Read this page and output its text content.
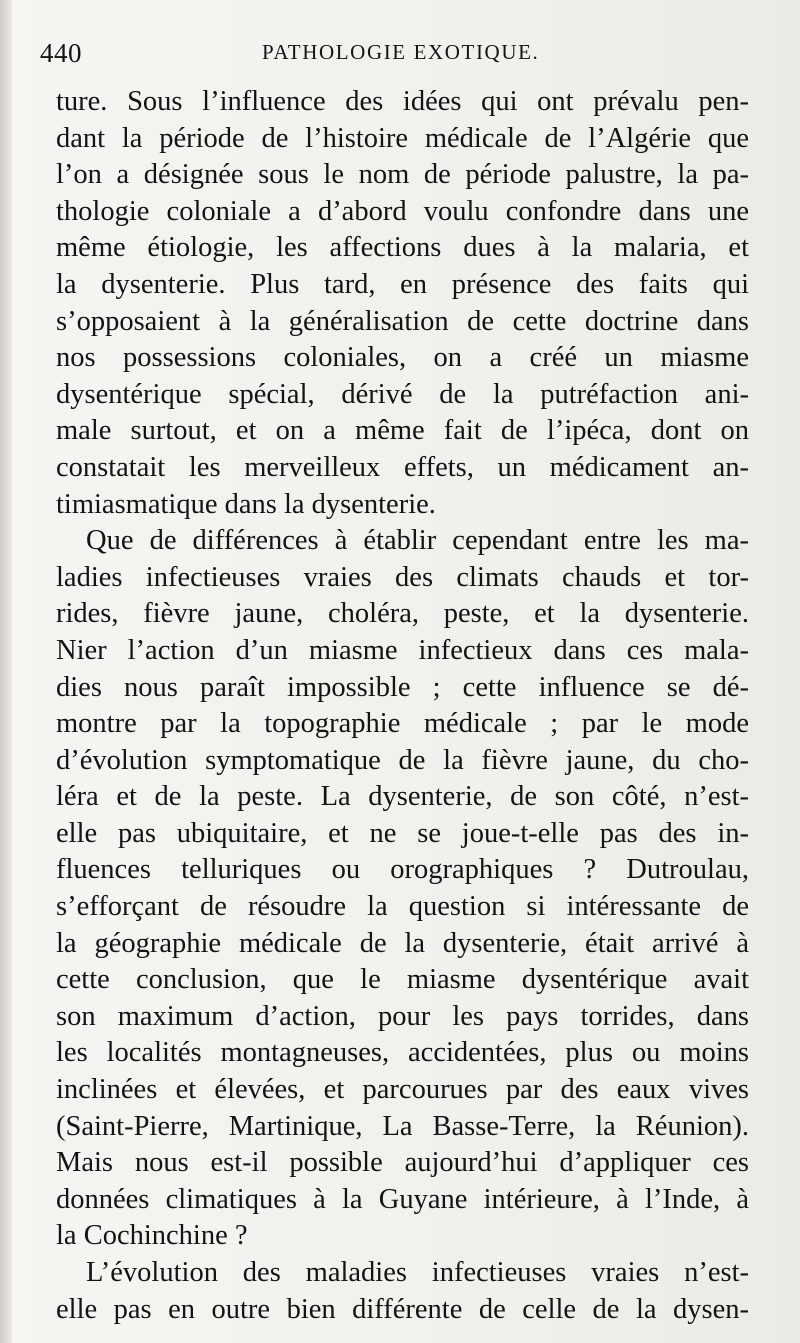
440	PATHOLOGIE EXOTIQUE.
ture. Sous l’influence des idées qui ont prévalu pen-
dant la période de l’histoire médicale de l’Algérie que
l’on a désignée sous le nom de période palustre, la pa-
thologie coloniale a d’abord voulu confondre dans une
même étiologie, les affections dues à la malaria, et
la dysenterie. Plus tard, en présence des faits qui
s’opposaient à la généralisation de cette doctrine dans
nos possessions coloniales, on a créé un miasme
dysentérique spécial, dérivé de la putréfaction ani-
male surtout, et on a même fait de l’ipéca, dont on
constatait les merveilleux effets, un médicament an-
timiasmatique dans la dysenterie.
Que de différences à établir cependant entre les ma-
ladies infectieuses vraies des climats chauds et tor-
rides, fièvre jaune, choléra, peste, et la dysenterie.
Nier l’action d’un miasme infectieux dans ces mala-
dies nous paraît impossible ; cette influence se dé-
montre par la topographie médicale ; par le mode
d’évolution symptomatique de la fièvre jaune, du cho-
léra et de la peste. La dysenterie, de son côté, n’est-
elle pas ubiquitaire, et ne se joue-t-elle pas des in-
fluences telluriques ou orographiques ? Dutroulau,
s’efforçant de résoudre la question si intéressante de
la géographie médicale de la dysenterie, était arrivé à
cette conclusion, que le miasme dysentérique avait
son maximum d’action, pour les pays torrides, dans
les localités montagneuses, accidentées, plus ou moins
inclinées et élevées, et parcourues par des eaux vives
(Saint-Pierre, Martinique, La Basse-Terre, la Réunion).
Mais nous est-il possible aujourd’hui d’appliquer ces
données climatiques à la Guyane intérieure, à l’Inde, à
la Cochinchine ?
L’évolution des maladies infectieuses vraies n’est-
elle pas en outre bien différente de celle de la dysen-
